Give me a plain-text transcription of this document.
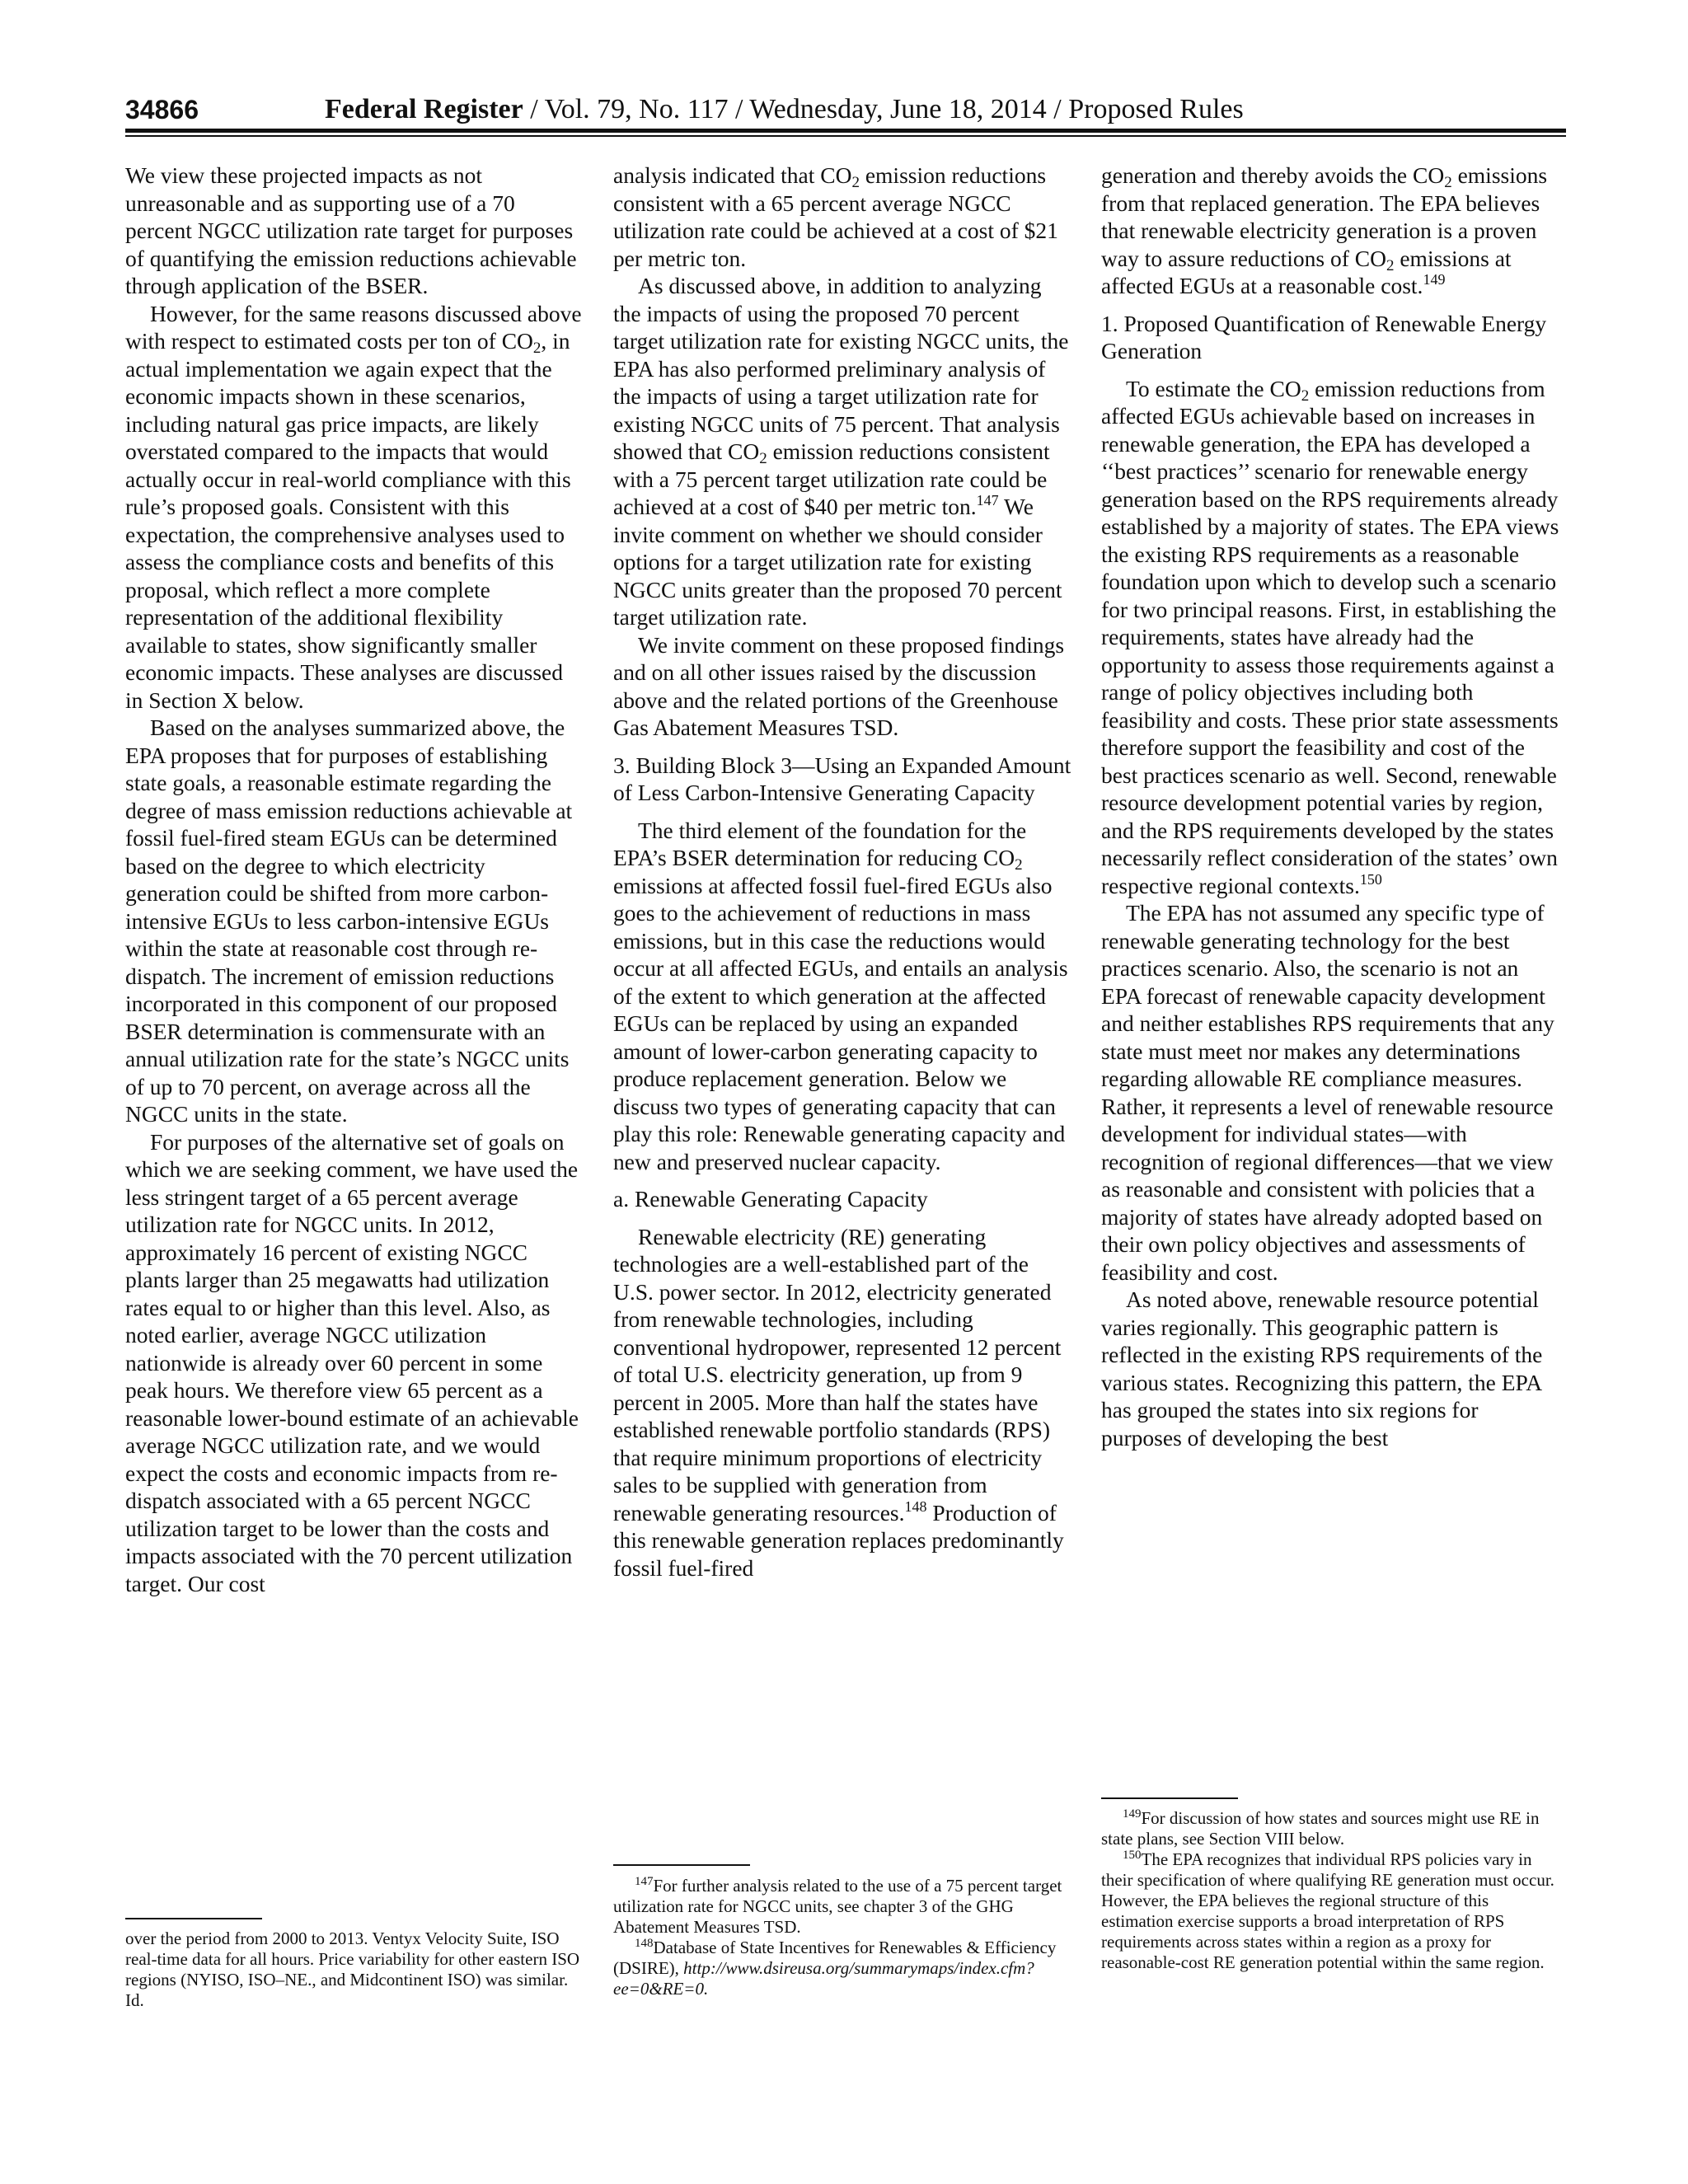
34866	Federal Register / Vol. 79, No. 117 / Wednesday, June 18, 2014 / Proposed Rules

We view these projected impacts as not unreasonable and as supporting use of a 70 percent NGCC utilization rate target for purposes of quantifying the emission reductions achievable through application of the BSER.

However, for the same reasons discussed above with respect to estimated costs per ton of $CO_2$, in actual implementation we again expect that the economic impacts shown in these scenarios, including natural gas price impacts, are likely overstated compared to the impacts that would actually occur in real-world compliance with this rule’s proposed goals. Consistent with this expectation, the comprehensive analyses used to assess the compliance costs and benefits of this proposal, which reflect a more complete representation of the additional flexibility available to states, show significantly smaller economic impacts. These analyses are discussed in Section X below.

Based on the analyses summarized above, the EPA proposes that for purposes of establishing state goals, a reasonable estimate regarding the degree of mass emission reductions achievable at fossil fuel-fired steam EGUs can be determined based on the degree to which electricity generation could be shifted from more carbon-intensive EGUs to less carbon-intensive EGUs within the state at reasonable cost through re-dispatch. The increment of emission reductions incorporated in this component of our proposed BSER determination is commensurate with an annual utilization rate for the state’s NGCC units of up to 70 percent, on average across all the NGCC units in the state.

For purposes of the alternative set of goals on which we are seeking comment, we have used the less stringent target of a 65 percent average utilization rate for NGCC units. In 2012, approximately 16 percent of existing NGCC plants larger than 25 megawatts had utilization rates equal to or higher than this level. Also, as noted earlier, average NGCC utilization nationwide is already over 60 percent in some peak hours. We therefore view 65 percent as a reasonable lower-bound estimate of an achievable average NGCC utilization rate, and we would expect the costs and economic impacts from re-dispatch associated with a 65 percent NGCC utilization target to be lower than the costs and impacts associated with the 70 percent utilization target. Our cost

over the period from 2000 to 2013. Ventyx Velocity Suite, ISO real-time data for all hours. Price variability for other eastern ISO regions (NYISO, ISO–NE., and Midcontinent ISO) was similar. Id.

analysis indicated that $CO_2$ emission reductions consistent with a 65 percent average NGCC utilization rate could be achieved at a cost of $21 per metric ton.

As discussed above, in addition to analyzing the impacts of using the proposed 70 percent target utilization rate for existing NGCC units, the EPA has also performed preliminary analysis of the impacts of using a target utilization rate for existing NGCC units of 75 percent. That analysis showed that $CO_2$ emission reductions consistent with a 75 percent target utilization rate could be achieved at a cost of $40 per metric ton.$^{147}$ We invite comment on whether we should consider options for a target utilization rate for existing NGCC units greater than the proposed 70 percent target utilization rate.

We invite comment on these proposed findings and on all other issues raised by the discussion above and the related portions of the Greenhouse Gas Abatement Measures TSD.

3. Building Block 3—Using an Expanded Amount of Less Carbon-Intensive Generating Capacity

The third element of the foundation for the EPA’s BSER determination for reducing $CO_2$ emissions at affected fossil fuel-fired EGUs also goes to the achievement of reductions in mass emissions, but in this case the reductions would occur at all affected EGUs, and entails an analysis of the extent to which generation at the affected EGUs can be replaced by using an expanded amount of lower-carbon generating capacity to produce replacement generation. Below we discuss two types of generating capacity that can play this role: Renewable generating capacity and new and preserved nuclear capacity.

a. Renewable Generating Capacity

Renewable electricity (RE) generating technologies are a well-established part of the U.S. power sector. In 2012, electricity generated from renewable technologies, including conventional hydropower, represented 12 percent of total U.S. electricity generation, up from 9 percent in 2005. More than half the states have established renewable portfolio standards (RPS) that require minimum proportions of electricity sales to be supplied with generation from renewable generating resources.$^{148}$ Production of this renewable generation replaces predominantly fossil fuel-fired

$^{147}$For further analysis related to the use of a 75 percent target utilization rate for NGCC units, see chapter 3 of the GHG Abatement Measures TSD.

$^{148}$Database of State Incentives for Renewables & Efficiency (DSIRE), http://www.dsireusa.org/summarymaps/index.cfm?ee=0&RE=0.

generation and thereby avoids the $CO_2$ emissions from that replaced generation. The EPA believes that renewable electricity generation is a proven way to assure reductions of $CO_2$ emissions at affected EGUs at a reasonable cost.$^{149}$

1. Proposed Quantification of Renewable Energy Generation

To estimate the $CO_2$ emission reductions from affected EGUs achievable based on increases in renewable generation, the EPA has developed a ‘‘best practices’’ scenario for renewable energy generation based on the RPS requirements already established by a majority of states. The EPA views the existing RPS requirements as a reasonable foundation upon which to develop such a scenario for two principal reasons. First, in establishing the requirements, states have already had the opportunity to assess those requirements against a range of policy objectives including both feasibility and costs. These prior state assessments therefore support the feasibility and cost of the best practices scenario as well. Second, renewable resource development potential varies by region, and the RPS requirements developed by the states necessarily reflect consideration of the states’ own respective regional contexts.$^{150}$

The EPA has not assumed any specific type of renewable generating technology for the best practices scenario. Also, the scenario is not an EPA forecast of renewable capacity development and neither establishes RPS requirements that any state must meet nor makes any determinations regarding allowable RE compliance measures. Rather, it represents a level of renewable resource development for individual states—with recognition of regional differences—that we view as reasonable and consistent with policies that a majority of states have already adopted based on their own policy objectives and assessments of feasibility and cost.

As noted above, renewable resource potential varies regionally. This geographic pattern is reflected in the existing RPS requirements of the various states. Recognizing this pattern, the EPA has grouped the states into six regions for purposes of developing the best

$^{149}$For discussion of how states and sources might use RE in state plans, see Section VIII below.

$^{150}$The EPA recognizes that individual RPS policies vary in their specification of where qualifying RE generation must occur. However, the EPA believes the regional structure of this estimation exercise supports a broad interpretation of RPS requirements across states within a region as a proxy for reasonable-cost RE generation potential within the same region.
